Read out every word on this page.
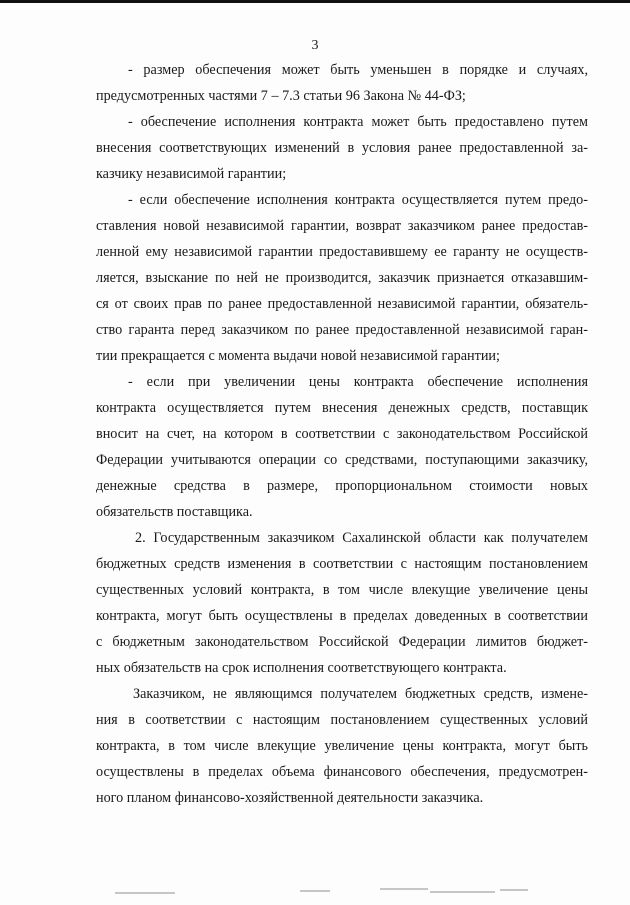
3
- размер обеспечения может быть уменьшен в порядке и случаях,
предусмотренных частями 7 – 7.3 статьи 96 Закона № 44-ФЗ;
- обеспечение исполнения контракта может быть предоставлено путем
внесения соответствующих изменений в условия ранее предоставленной за-
казчику независимой гарантии;
- если обеспечение исполнения контракта осуществляется путем предо-
ставления новой независимой гарантии, возврат заказчиком ранее предостав-
ленной ему независимой гарантии предоставившему ее гаранту не осуществ-
ляется, взыскание по ней не производится, заказчик признается отказавшим-
ся от своих прав по ранее предоставленной независимой гарантии, обязатель-
ство гаранта перед заказчиком по ранее предоставленной независимой гаран-
тии прекращается с момента выдачи новой независимой гарантии;
- если при увеличении цены контракта обеспечение исполнения
контракта осуществляется путем внесения денежных средств, поставщик
вносит на счет, на котором в соответствии с законодательством Российской
Федерации учитываются операции со средствами, поступающими заказчику,
денежные средства в размере, пропорциональном стоимости новых
обязательств поставщика.
2. Государственным заказчиком Сахалинской области как получателем
бюджетных средств изменения в соответствии с настоящим постановлением
существенных условий контракта, в том числе влекущие увеличение цены
контракта, могут быть осуществлены в пределах доведенных в соответствии
с бюджетным законодательством Российской Федерации лимитов бюджет-
ных обязательств на срок исполнения соответствующего контракта.
Заказчиком, не являющимся получателем бюджетных средств, измене-
ния в соответствии с настоящим постановлением существенных условий
контракта, в том числе влекущие увеличение цены контракта, могут быть
осуществлены в пределах объема финансового обеспечения, предусмотрен-
ного планом финансово-хозяйственной деятельности заказчика.
